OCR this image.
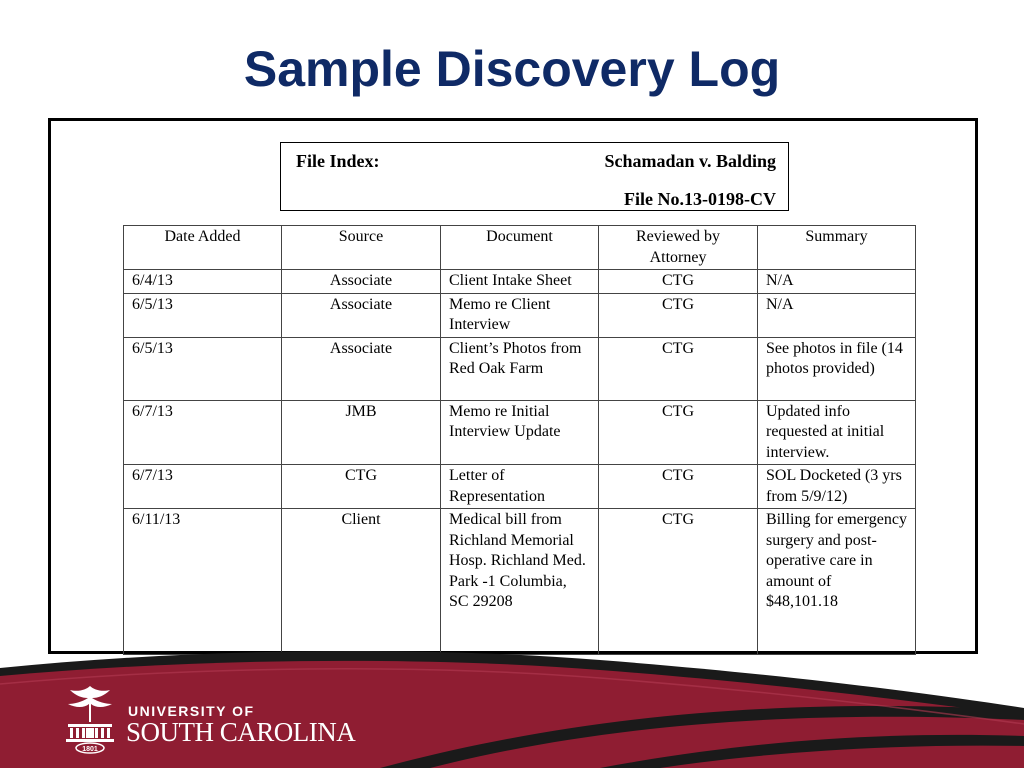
Sample Discovery Log
File Index:	Schamadan v. Balding
File No.13-0198-CV
Date Added	Source	Document	Reviewed by Attorney	Summary
6/4/13	Associate	Client Intake Sheet	CTG	N/A
6/5/13	Associate	Memo re Client Interview	CTG	N/A
6/5/13	Associate	Client’s Photos from Red Oak Farm	CTG	See photos in file (14 photos provided)
6/7/13	JMB	Memo re Initial Interview Update	CTG	Updated info requested at initial interview.
6/7/13	CTG	Letter of Representation	CTG	SOL Docketed (3 yrs from 5/9/12)
6/11/13	Client	Medical bill from Richland Memorial Hosp. Richland Med. Park -1 Columbia, SC 29208	CTG	Billing for emergency surgery and post-operative care in amount of $48,101.18
1801
UNIVERSITY OF
SOUTH CAROLINA
